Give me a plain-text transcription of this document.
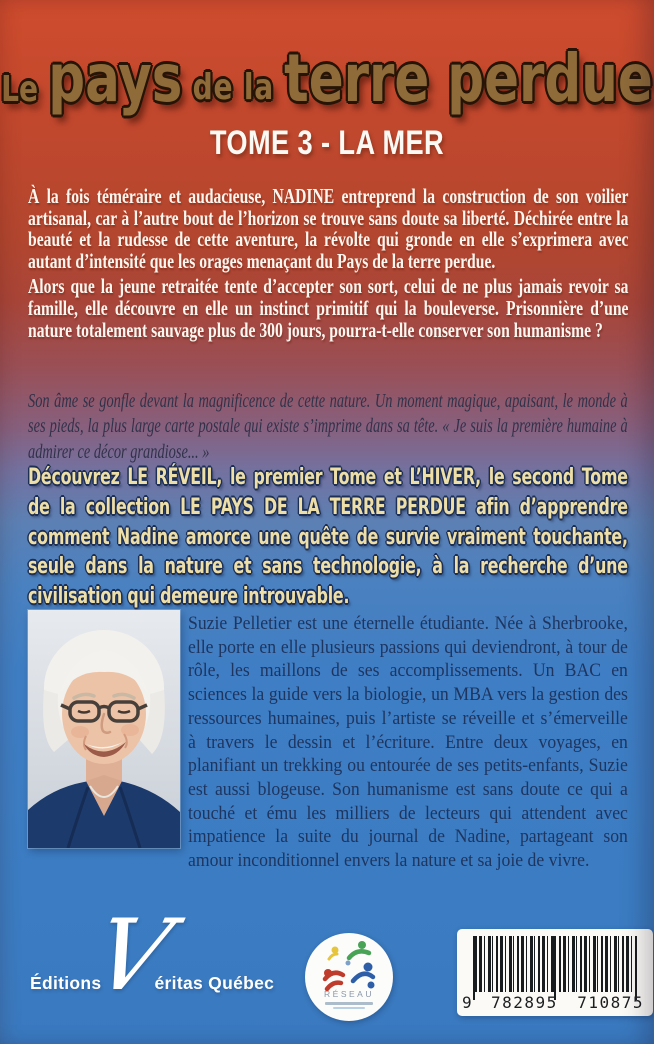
Le pays de la terre perdue
TOME 3 - LA MER

À la fois téméraire et audacieuse, NADINE entreprend la construction de son voilier artisanal, car à l’autre bout de l’horizon se trouve sans doute sa liberté. Déchirée entre la beauté et la rudesse de cette aventure, la révolte qui gronde en elle s’exprimera avec autant d’intensité que les orages menaçant du Pays de la terre perdue.

Alors que la jeune retraitée tente d’accepter son sort, celui de ne plus jamais revoir sa famille, elle découvre en elle un instinct primitif qui la bouleverse. Prisonnière d’une nature totalement sauvage plus de 300 jours, pourra-t-elle conserver son humanisme ?

Son âme se gonfle devant la magnificence de cette nature. Un moment magique, apaisant, le monde à ses pieds, la plus large carte postale qui existe s’imprime dans sa tête. « Je suis la première humaine à admirer ce décor grandiose... »

Découvrez LE RÉVEIL, le premier Tome et L’HIVER, le second Tome de la collection LE PAYS DE LA TERRE PERDUE afin d’apprendre comment Nadine amorce une quête de survie vraiment touchante, seule dans la nature et sans technologie, à la recherche d’une civilisation qui demeure introuvable.

Suzie Pelletier est une éternelle étudiante. Née à Sherbrooke, elle porte en elle plusieurs passions qui deviendront, à tour de rôle, les maillons de ses accomplissements. Un BAC en sciences la guide vers la biologie, un MBA vers la gestion des ressources humaines, puis l’artiste se réveille et s’émerveille à travers le dessin et l’écriture. Entre deux voyages, en planifiant un trekking ou entourée de ses petits-enfants, Suzie est aussi blogeuse. Son humanisme est sans doute ce qui a touché et ému les milliers de lecteurs qui attendent avec impatience la suite du journal de Nadine, partageant son amour inconditionnel envers la nature et sa joie de vivre.

Éditions
V
éritas Québec
RÉSEAU	9 782895 710875
